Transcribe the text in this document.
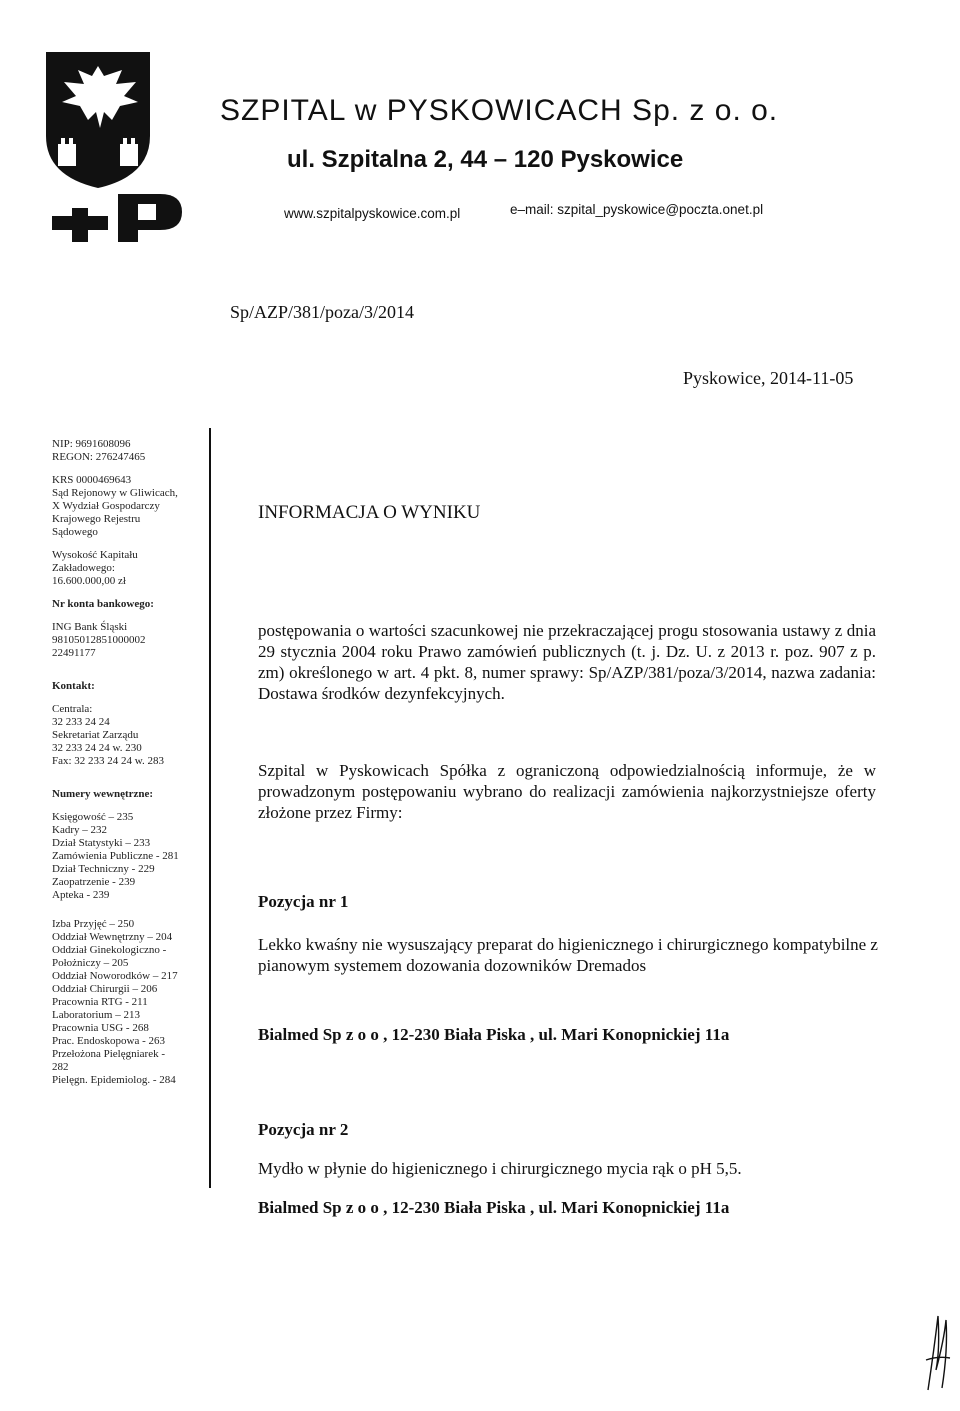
SZPITAL w PYSKOWICACH Sp. z o. o.
ul. Szpitalna 2, 44 – 120 Pyskowice
www.szpitalpyskowice.com.pl	e–mail: szpital_pyskowice@poczta.onet.pl
Sp/AZP/381/poza/3/2014
Pyskowice, 2014-11-05
NIP: 9691608096
REGON: 276247465
KRS 0000469643
Sąd Rejonowy w Gliwicach,
X Wydział Gospodarczy
Krajowego Rejestru
Sądowego
Wysokość Kapitału
Zakładowego:
16.600.000,00 zł
Nr konta bankowego:
ING Bank Śląski
98105012851000002
22491177
Kontakt:
Centrala:
32 233 24 24
Sekretariat Zarządu
32 233 24 24 w. 230
Fax: 32 233 24 24 w. 283
Numery wewnętrzne:
Księgowość – 235
Kadry – 232
Dział Statystyki – 233
Zamówienia Publiczne - 281
Dział Techniczny - 229
Zaopatrzenie - 239
Apteka - 239
Izba Przyjęć – 250
Oddział Wewnętrzny – 204
Oddział Ginekologiczno -
Położniczy – 205
Oddział Noworodków – 217
Oddział Chirurgii – 206
Pracownia RTG - 211
Laboratorium – 213
Pracownia USG - 268
Prac. Endoskopowa - 263
Przełożona Pielęgniarek -
282
Pielęgn. Epidemiolog. - 284
INFORMACJA O WYNIKU
postępowania o wartości szacunkowej nie przekraczającej progu stosowania ustawy z dnia 29 stycznia 2004 roku Prawo zamówień publicznych (t. j. Dz. U. z 2013 r. poz. 907 z p. zm) określonego w art. 4 pkt. 8, numer sprawy: Sp/AZP/381/poza/3/2014, nazwa zadania: Dostawa środków dezynfekcyjnych.
Szpital w Pyskowicach Spółka z ograniczoną odpowiedzialnością informuje, że w prowadzonym postępowaniu wybrano do realizacji zamówienia najkorzystniejsze oferty złożone przez Firmy:
Pozycja nr 1
Lekko kwaśny nie wysuszający preparat do higienicznego i chirurgicznego kompatybilne z pianowym systemem dozowania dozowników Dremados
Bialmed Sp z o o , 12-230 Biała Piska , ul. Mari Konopnickiej 11a
Pozycja nr 2
Mydło w płynie do higienicznego i chirurgicznego mycia rąk o pH 5,5.
Bialmed Sp z o o , 12-230 Biała Piska , ul. Mari Konopnickiej 11a
